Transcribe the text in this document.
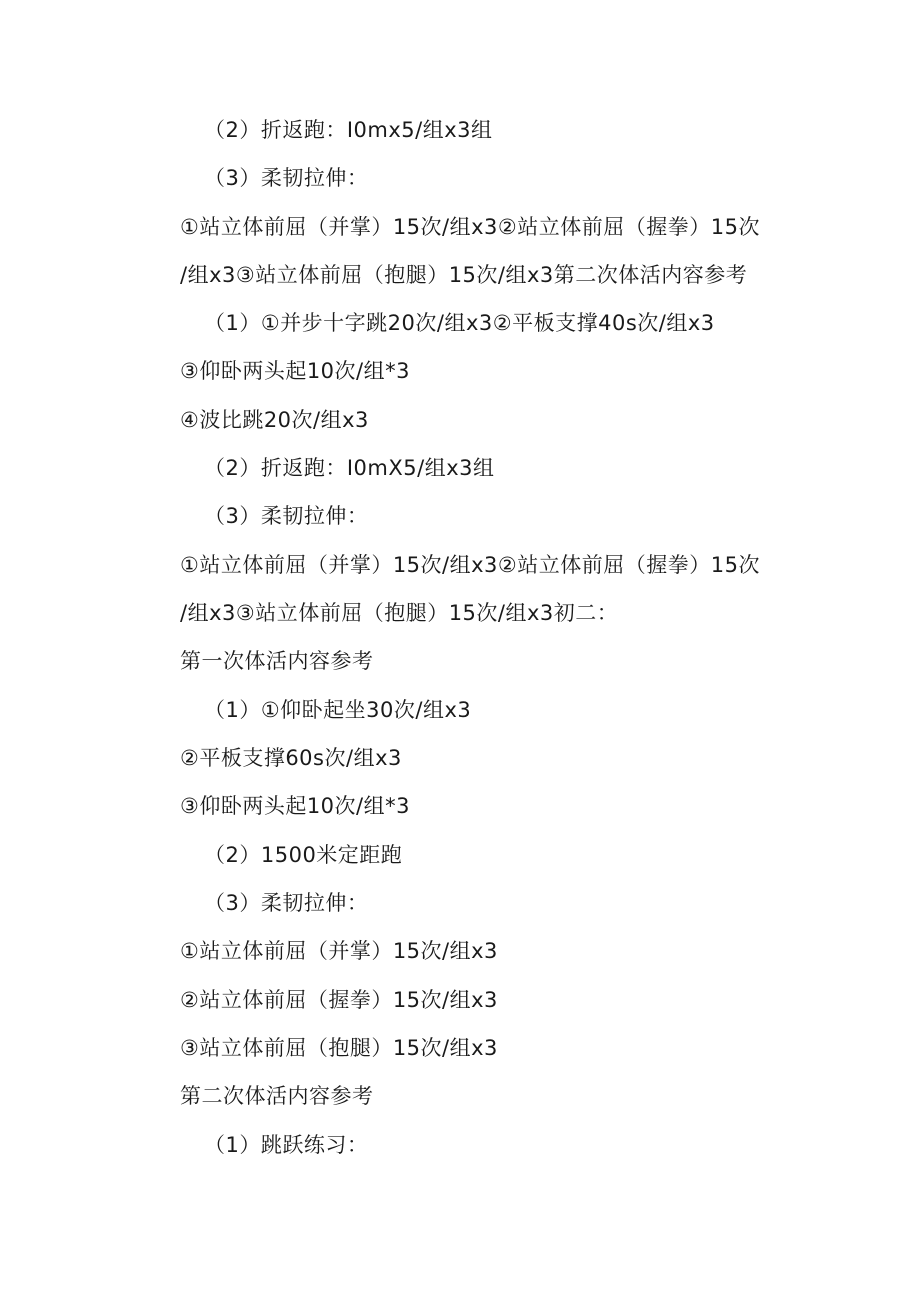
（2）折返跑：I0mx5/组x3组

（3）柔韧拉伸：

①站立体前屈（并掌）15次/组x3②站立体前屈（握拳）15次

/组x3③站立体前屈（抱腿）15次/组x3第二次体活内容参考

（1）①并步十字跳20次/组x3②平板支撑40s次/组x3

③仰卧两头起10次/组*3

④波比跳20次/组x3

（2）折返跑：I0mX5/组x3组

（3）柔韧拉伸：

①站立体前屈（并掌）15次/组x3②站立体前屈（握拳）15次

/组x3③站立体前屈（抱腿）15次/组x3初二：

第一次体活内容参考

（1）①仰卧起坐30次/组x3

②平板支撑60s次/组x3

③仰卧两头起10次/组*3

（2）1500米定距跑

（3）柔韧拉伸：

①站立体前屈（并掌）15次/组x3

②站立体前屈（握拳）15次/组x3

③站立体前屈（抱腿）15次/组x3

第二次体活内容参考

（1）跳跃练习：
